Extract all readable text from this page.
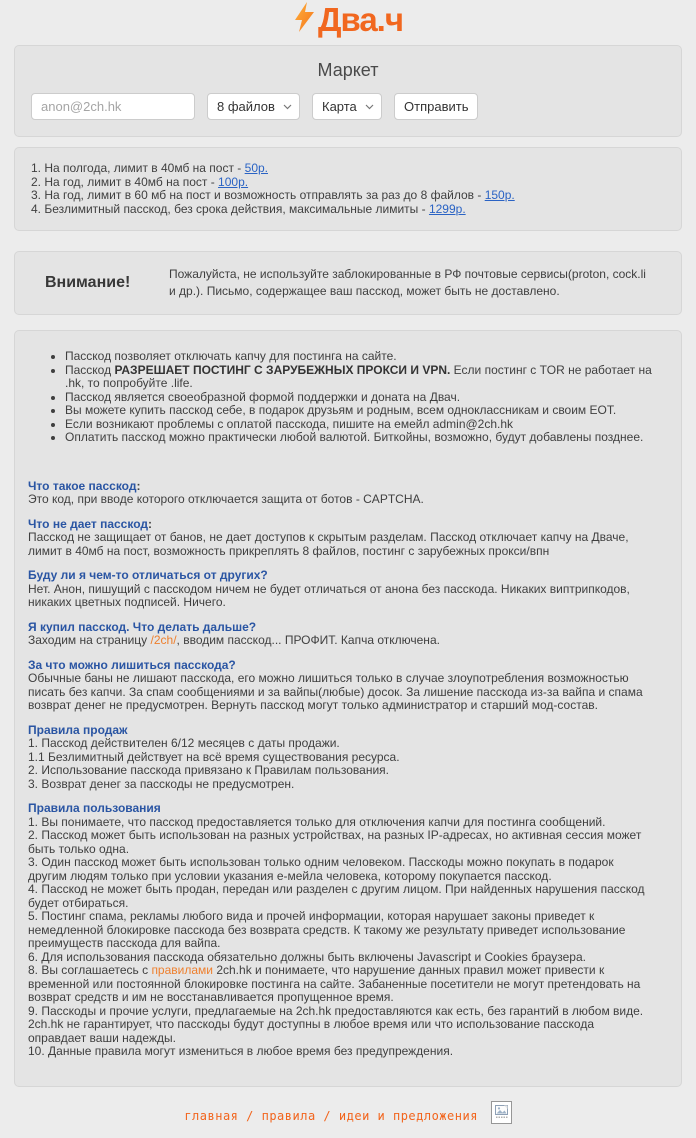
Два.ч
Маркет
anon@2ch.hk
8 файлов
Карта
Отправить
1. На полгода, лимит в 40мб на пост - 50р.
2. На год, лимит в 40мб на пост - 100р.
3. На год, лимит в 60 мб на пост и возможность отправлять за раз до 8 файлов - 150р.
4. Безлимитный пасскод, без срока действия, максимальные лимиты - 1299р.
Внимание!	Пожалуйста, не используйте заблокированные в РФ почтовые сервисы(proton, cock.li и др.). Письмо, содержащее ваш пасскод, может быть не доставлено.
• Пасскод позволяет отключать капчу для постинга на сайте.
• Пасскод РАЗРЕШАЕТ ПОСТИНГ С ЗАРУБЕЖНЫХ ПРОКСИ И VPN. Если постинг с TOR не работает на .hk, то попробуйте .life.
• Пасскод является своеобразной формой поддержки и доната на Двач.
• Вы можете купить пасскод себе, в подарок друзьям и родным, всем одноклассникам и своим ЕОТ.
• Если возникают проблемы с оплатой пасскода, пишите на емейл admin@2ch.hk
• Оплатить пасскод можно практически любой валютой. Биткойны, возможно, будут добавлены позднее.
Что такое пасскод:
Это код, при вводе которого отключается защита от ботов - CAPTCHA.
Что не дает пасскод:
Пасскод не защищает от банов, не дает доступов к скрытым разделам. Пасскод отключает капчу на Дваче, лимит в 40мб на пост, возможность прикреплять 8 файлов, постинг с зарубежных прокси/впн
Буду ли я чем-то отличаться от других?
Нет. Анон, пишущий с пасскодом ничем не будет отличаться от анона без пасскода. Никаких виптрипкодов, никаких цветных подписей. Ничего.
Я купил пасскод. Что делать дальше?
Заходим на страницу /2ch/, вводим пасскод... ПРОФИТ. Капча отключена.
За что можно лишиться пасскода?
Обычные баны не лишают пасскода, его можно лишиться только в случае злоупотребления возможностью писать без капчи. За спам сообщениями и за вайпы(любые) досок. За лишение пасскода из-за вайпа и спама возврат денег не предусмотрен. Вернуть пасскод могут только администратор и старший мод-состав.
Правила продаж
1. Пасскод действителен 6/12 месяцев с даты продажи.
1.1 Безлимитный действует на всё время существования ресурса.
2. Использование пасскода привязано к Правилам пользования.
3. Возврат денег за пасскоды не предусмотрен.
Правила пользования
1. Вы понимаете, что пасскод предоставляется только для отключения капчи для постинга сообщений.
2. Пасскод может быть использован на разных устройствах, на разных IP-адресах, но активная сессия может быть только одна.
3. Один пасскод может быть использован только одним человеком. Пасскоды можно покупать в подарок другим людям только при условии указания e-мейла человека, которому покупается пасскод.
4. Пасскод не может быть продан, передан или разделен с другим лицом. При найденных нарушения пасскод будет отбираться.
5. Постинг спама, рекламы любого вида и прочей информации, которая нарушает законы приведет к немедленной блокировке пасскода без возврата средств. К такому же результату приведет использование преимуществ пасскода для вайпа.
6. Для использования пасскода обязательно должны быть включены Javascript и Cookies браузера.
8. Вы соглашаетесь с правилами 2ch.hk и понимаете, что нарушение данных правил может привести к временной или постоянной блокировке постинга на сайте. Забаненные посетители не могут претендовать на возврат средств и им не восстанавливается пропущенное время.
9. Пасскоды и прочие услуги, предлагаемые на 2ch.hk предоставляются как есть, без гарантий в любом виде. 2ch.hk не гарантирует, что пасскоды будут доступны в любое время или что использование пасскода оправдает ваши надежды.
10. Данные правила могут измениться в любое время без предупреждения.
главная / правила / идеи и предложения
